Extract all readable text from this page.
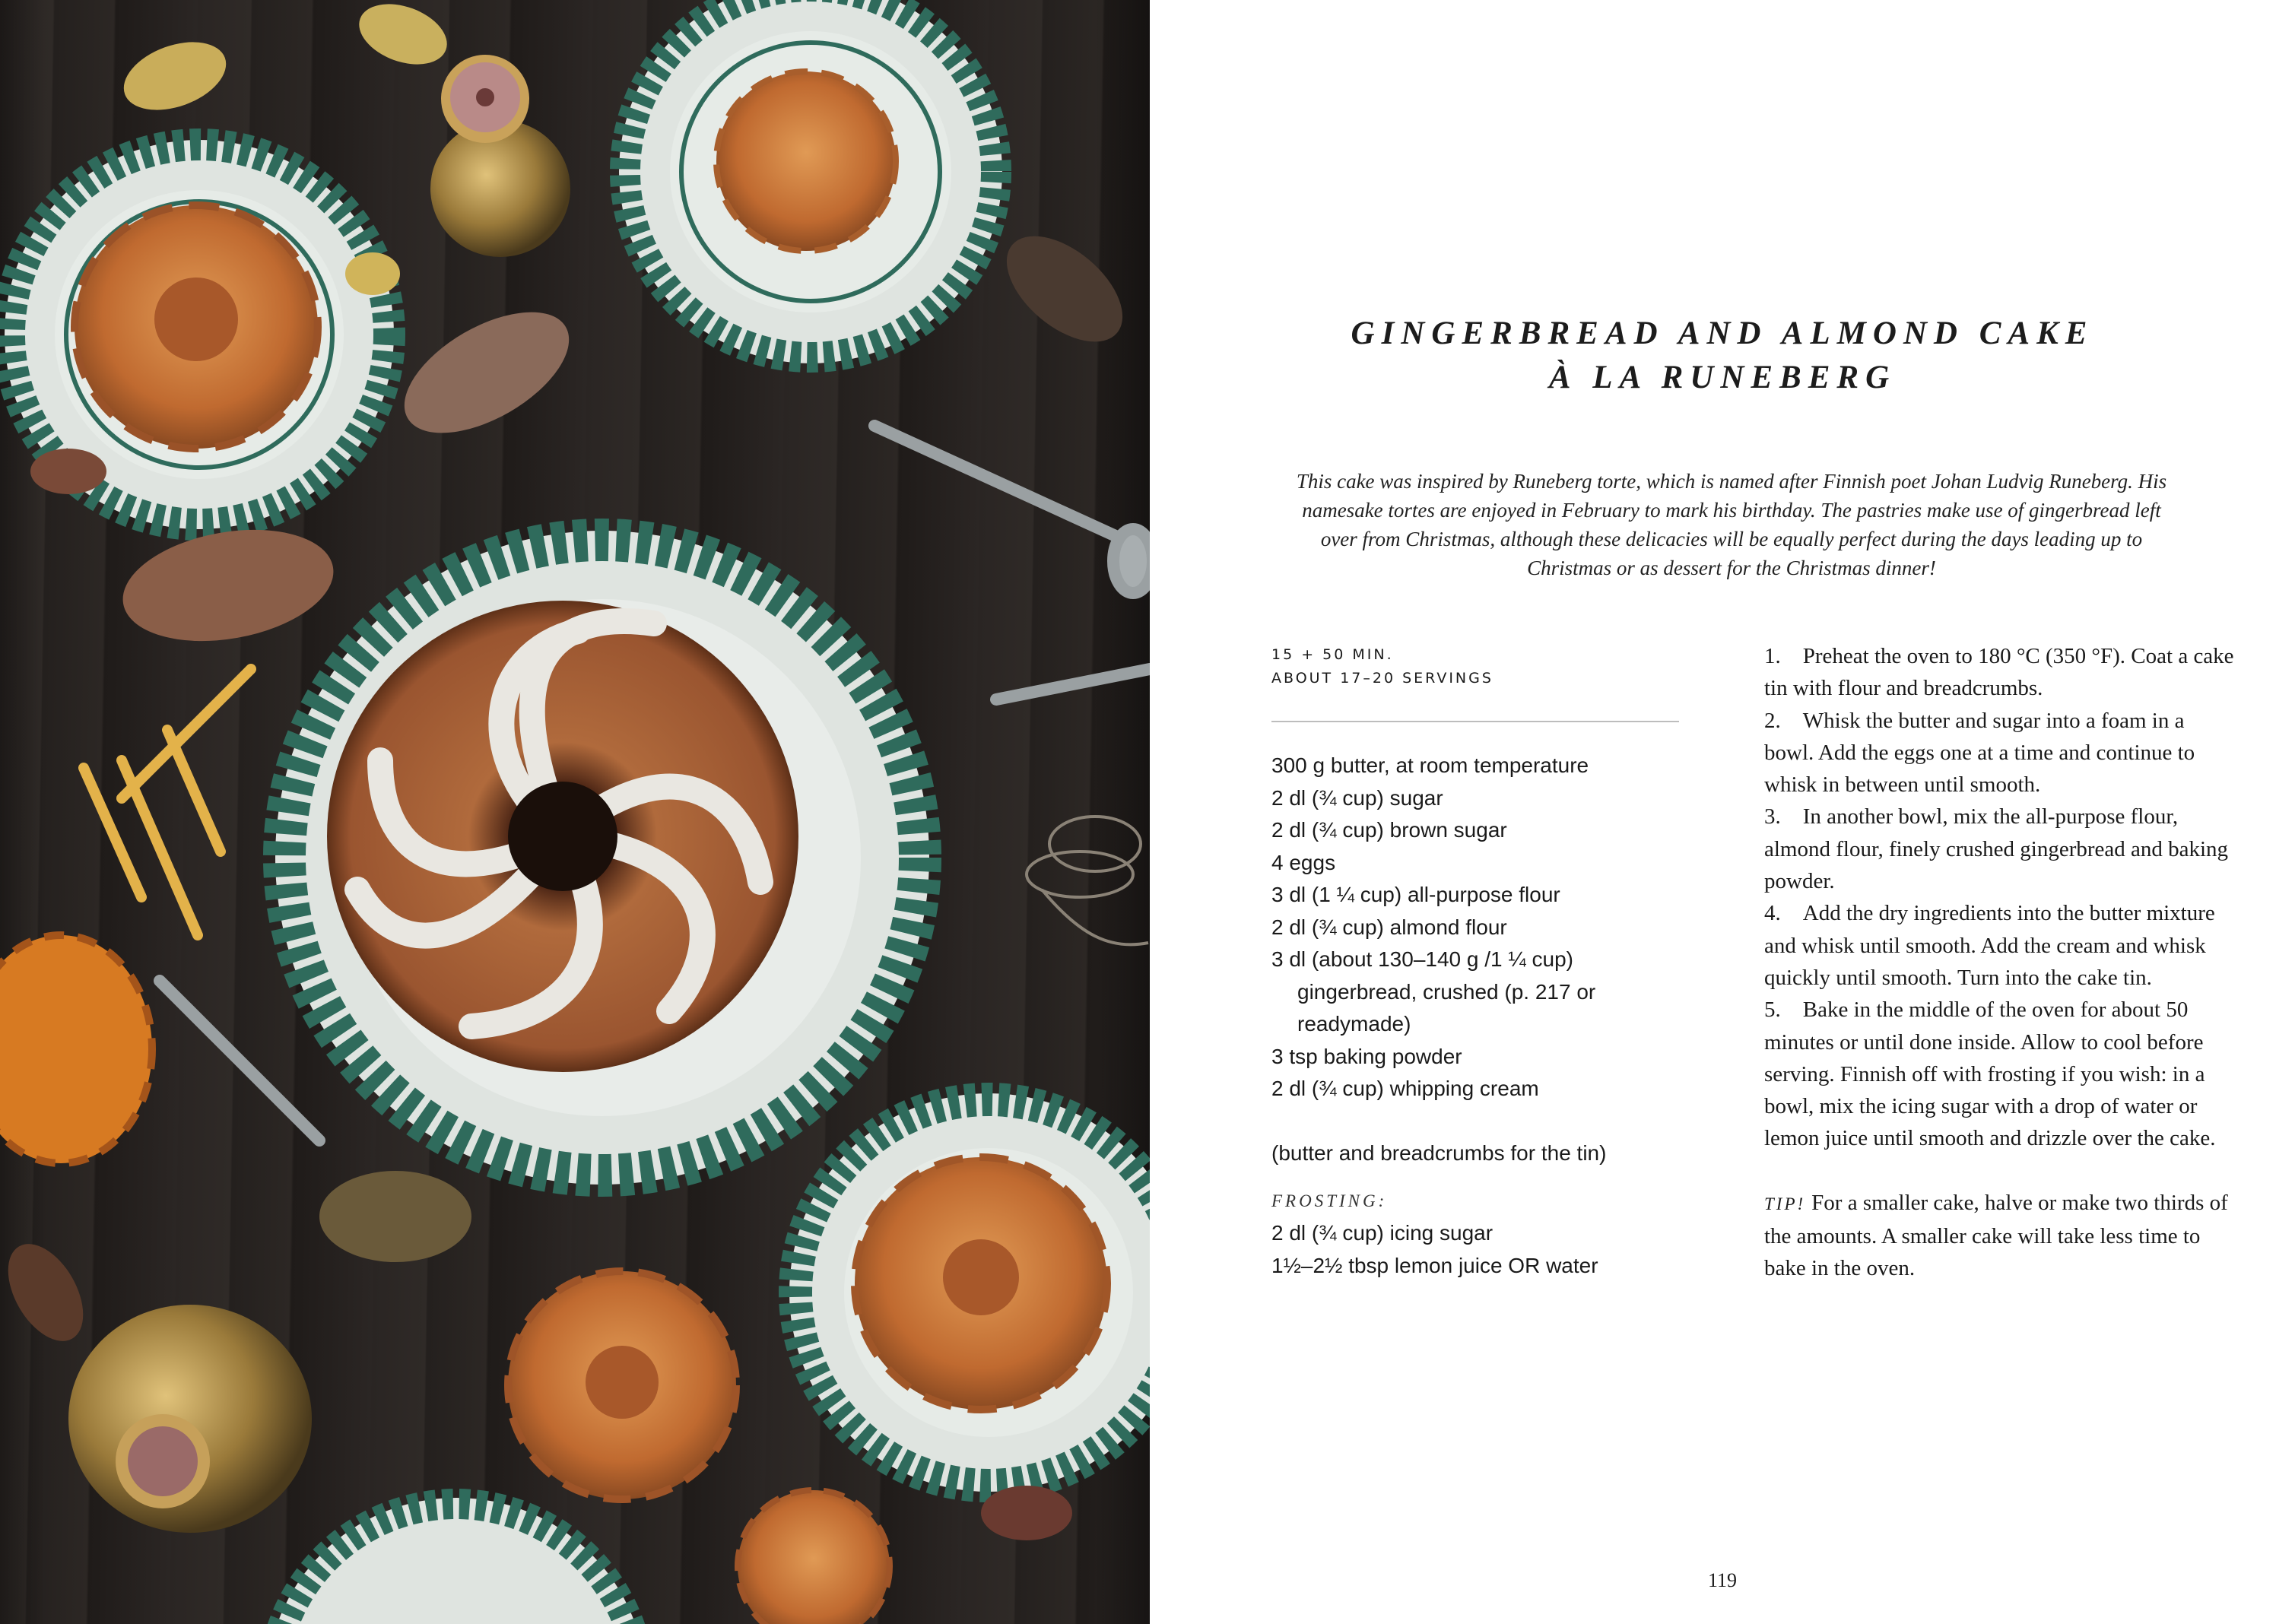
GINGERBREAD AND ALMOND CAKE
À LA RUNEBERG
This cake was inspired by Runeberg torte, which is named after Finnish poet Johan Ludvig Runeberg. His namesake tortes are enjoyed in February to mark his birthday. The pastries make use of gingerbread left over from Christmas, although these delicacies will be equally perfect during the days leading up to Christmas or as dessert for the Christmas dinner!
15 + 50 MIN.
ABOUT 17–20 SERVINGS
300 g butter, at room temperature
2 dl (¾ cup) sugar
2 dl (¾ cup) brown sugar
4 eggs
3 dl (1 ¼ cup) all-purpose flour
2 dl (¾ cup) almond flour
3 dl (about 130–140 g /1 ¼ cup)
gingerbread, crushed (p. 217 or
readymade)
3 tsp baking powder
2 dl (¾ cup) whipping cream
(butter and breadcrumbs for the tin)
FROSTING:
2 dl (¾ cup) icing sugar
1½–2½ tbsp lemon juice OR water

1.    Preheat the oven to 180 °C (350 °F). Coat a cake tin with flour and breadcrumbs.

2.    Whisk the butter and sugar into a foam in a bowl. Add the eggs one at a time and continue to whisk in between until smooth.

3.    In another bowl, mix the all-purpose flour, almond flour, finely crushed gingerbread and baking powder.

4.    Add the dry ingredients into the butter mixture and whisk until smooth. Add the cream and whisk quickly until smooth. Turn into the cake tin.

5.    Bake in the middle of the oven for about 50 minutes or until done inside. Allow to cool before serving. Finnish off with frosting if you wish: in a bowl, mix the icing sugar with a drop of water or lemon juice until smooth and drizzle over the cake.

TIP! For a smaller cake, halve or make two thirds of the amounts. A smaller cake will take less time to bake in the oven.

119
